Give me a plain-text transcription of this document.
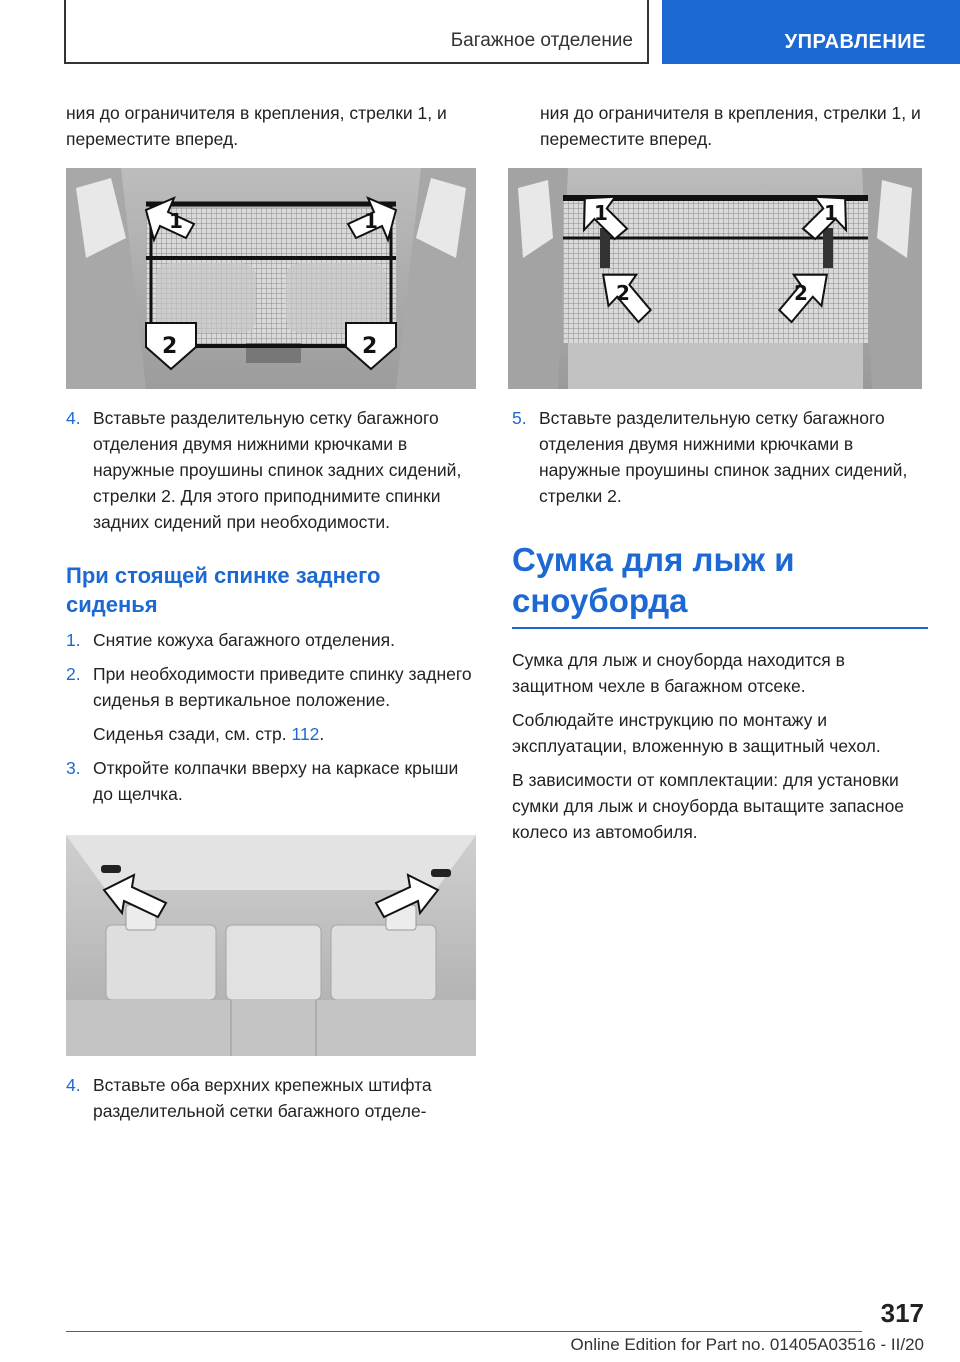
Багажное отделение	УПРАВЛЕНИЕ

ния до ограничителя в крепления, стрелки 1, и переместите вперед.

1	1
2	2
4. Вставьте разделительную сетку багажного отделения двумя нижними крючками в наружные проушины спинок задних сидений, стрелки 2. Для этого приподнимите спинки задних сидений при необходимости.
При стоящей спинке заднего сиденья
1. Снятие кожуха багажного отделения.
2. При необходимости приведите спинку заднего сиденья в вертикальное положение.
Сиденья сзади, см. стр. 112.
3. Откройте колпачки вверху на каркасе крыши до щелчка.
4. Вставьте оба верхних крепежных штифта разделительной сетки багажного отделе-

ния до ограничителя в крепления, стрелки 1, и переместите вперед.

1	1
2	2
5. Вставьте разделительную сетку багажного отделения двумя нижними крючками в наружные проушины спинок задних сидений, стрелки 2.
Сумка для лыж и сноуборда

Сумка для лыж и сноуборда находится в защитном чехле в багажном отсеке.

Соблюдайте инструкцию по монтажу и эксплуатации, вложенную в защитный чехол.

В зависимости от комплектации: для установки сумки для лыж и сноуборда вытащите запасное колесо из автомобиля.

317
Online Edition for Part no. 01405A03516 - II/20
